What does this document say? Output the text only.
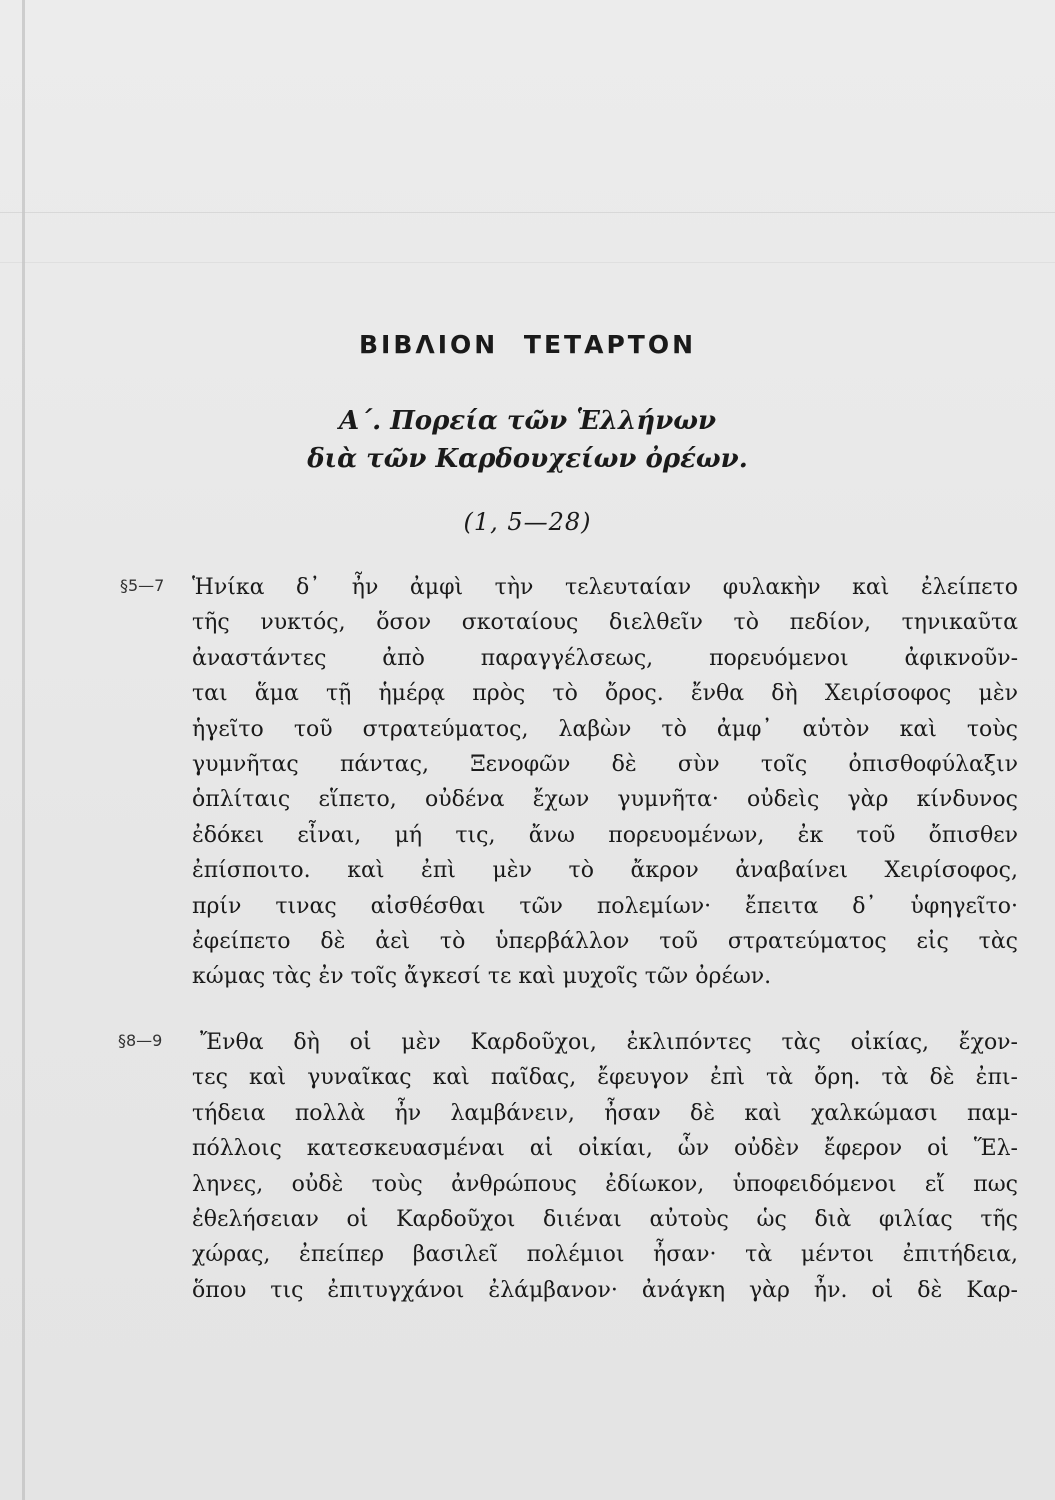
ΒΙΒΛΙΟΝ ΤΕΤΑΡΤΟΝ
Α΄. Πορεία τῶν Ἑλλήνων
διὰ τῶν Καρδουχείων ὀρέων.
(1, 5—28)
§5—7 Ἡνίκα δ᾽ ἦν ἀμφὶ τὴν τελευταίαν φυλακὴν καὶ ἐλείπετο
τῆς νυκτός, ὅσον σκοταίους διελθεῖν τὸ πεδίον, τηνικαῦτα
ἀναστάντες ἀπὸ παραγγέλσεως, πορευόμενοι ἀφικνοῦν-
ται ἅμα τῇ ἡμέρᾳ πρὸς τὸ ὄρος. ἔνθα δὴ Χειρίσοφος μὲν
ἡγεῖτο τοῦ στρατεύματος, λαβὼν τὸ ἀμφ᾽ αὑτὸν καὶ τοὺς
γυμνῆτας πάντας, Ξενοφῶν δὲ σὺν τοῖς ὀπισθοφύλαξιν
ὁπλίταις εἵπετο, οὐδένα ἔχων γυμνῆτα· οὐδεὶς γὰρ κίνδυνος
ἐδόκει εἶναι, μή τις, ἄνω πορευομένων, ἐκ τοῦ ὄπισθεν
ἐπίσποιτο. καὶ ἐπὶ μὲν τὸ ἄκρον ἀναβαίνει Χειρίσοφος,
πρίν τινας αἰσθέσθαι τῶν πολεμίων· ἔπειτα δ᾽ ὑφηγεῖτο·
ἐφείπετο δὲ ἀεὶ τὸ ὑπερβάλλον τοῦ στρατεύματος εἰς τὰς
κώμας τὰς ἐν τοῖς ἄγκεσί τε καὶ μυχοῖς τῶν ὀρέων.
§8—9 Ἔνθα δὴ οἱ μὲν Καρδοῦχοι, ἐκλιπόντες τὰς οἰκίας, ἔχον-
τες καὶ γυναῖκας καὶ παῖδας, ἔφευγον ἐπὶ τὰ ὄρη. τὰ δὲ ἐπι-
τήδεια πολλὰ ἦν λαμβάνειν, ἦσαν δὲ καὶ χαλκώμασι παμ-
πόλλοις κατεσκευασμέναι αἱ οἰκίαι, ὧν οὐδὲν ἔφερον οἱ Ἕλ-
ληνες, οὐδὲ τοὺς ἀνθρώπους ἐδίωκον, ὑποφειδόμενοι εἴ πως
ἐθελήσειαν οἱ Καρδοῦχοι διιέναι αὐτοὺς ὡς διὰ φιλίας τῆς
χώρας, ἐπείπερ βασιλεῖ πολέμιοι ἦσαν· τὰ μέντοι ἐπιτήδεια,
ὅπου τις ἐπιτυγχάνοι ἐλάμβανον· ἀνάγκη γὰρ ἦν. οἱ δὲ Καρ-
